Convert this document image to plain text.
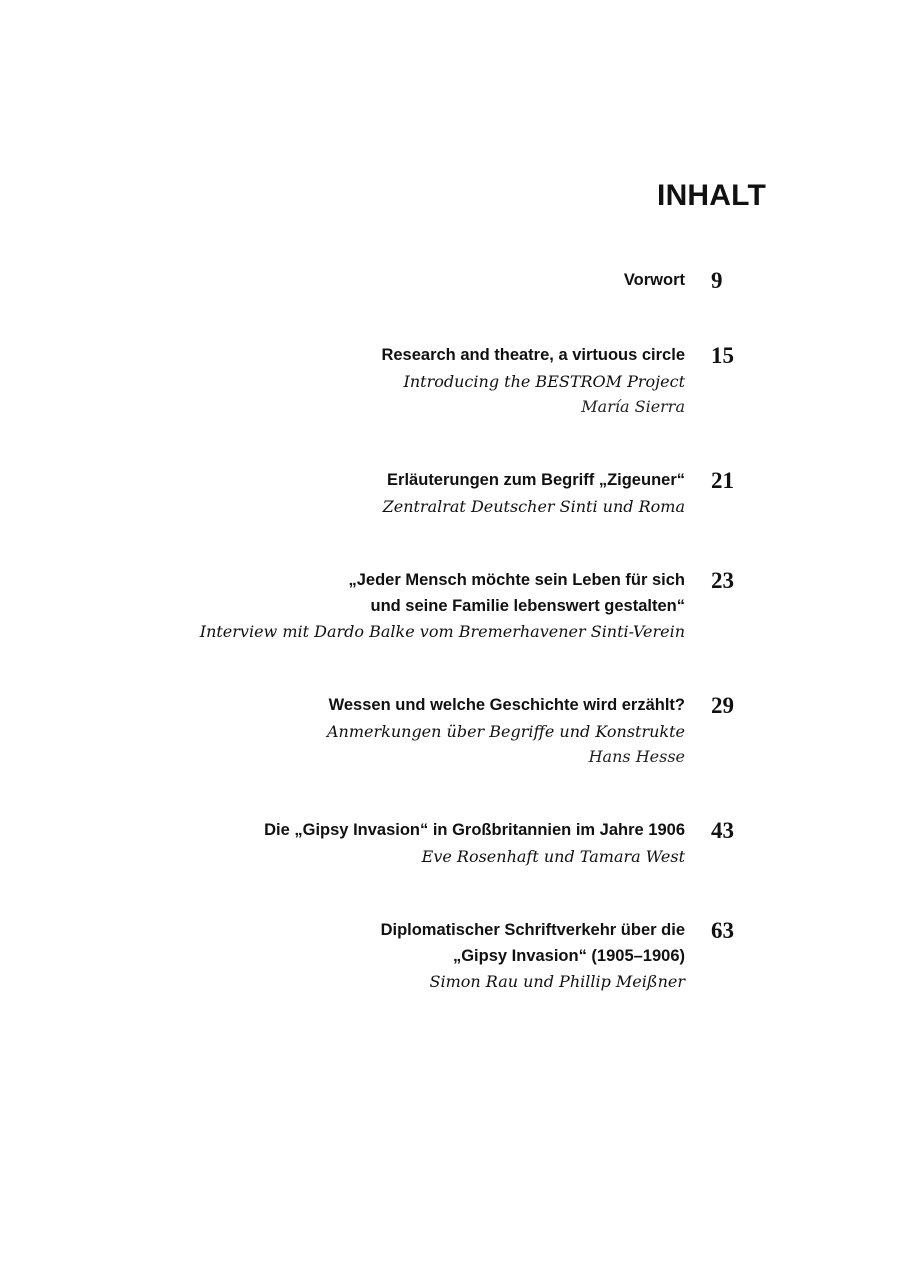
INHALT
Vorwort 9
Research and theatre, a virtuous circle
Introducing the BESTROM Project
María Sierra
15
Erläuterungen zum Begriff „Zigeuner“
Zentralrat Deutscher Sinti und Roma
21
„Jeder Mensch möchte sein Leben für sich
und seine Familie lebenswert gestalten“
Interview mit Dardo Balke vom Bremerhavener Sinti-Verein
23
Wessen und welche Geschichte wird erzählt?
Anmerkungen über Begriffe und Konstrukte
Hans Hesse
29
Die „Gipsy Invasion“ in Großbritannien im Jahre 1906
Eve Rosenhaft und Tamara West
43
Diplomatischer Schriftverkehr über die
„Gipsy Invasion“ (1905–1906)
Simon Rau und Phillip Meißner
63
